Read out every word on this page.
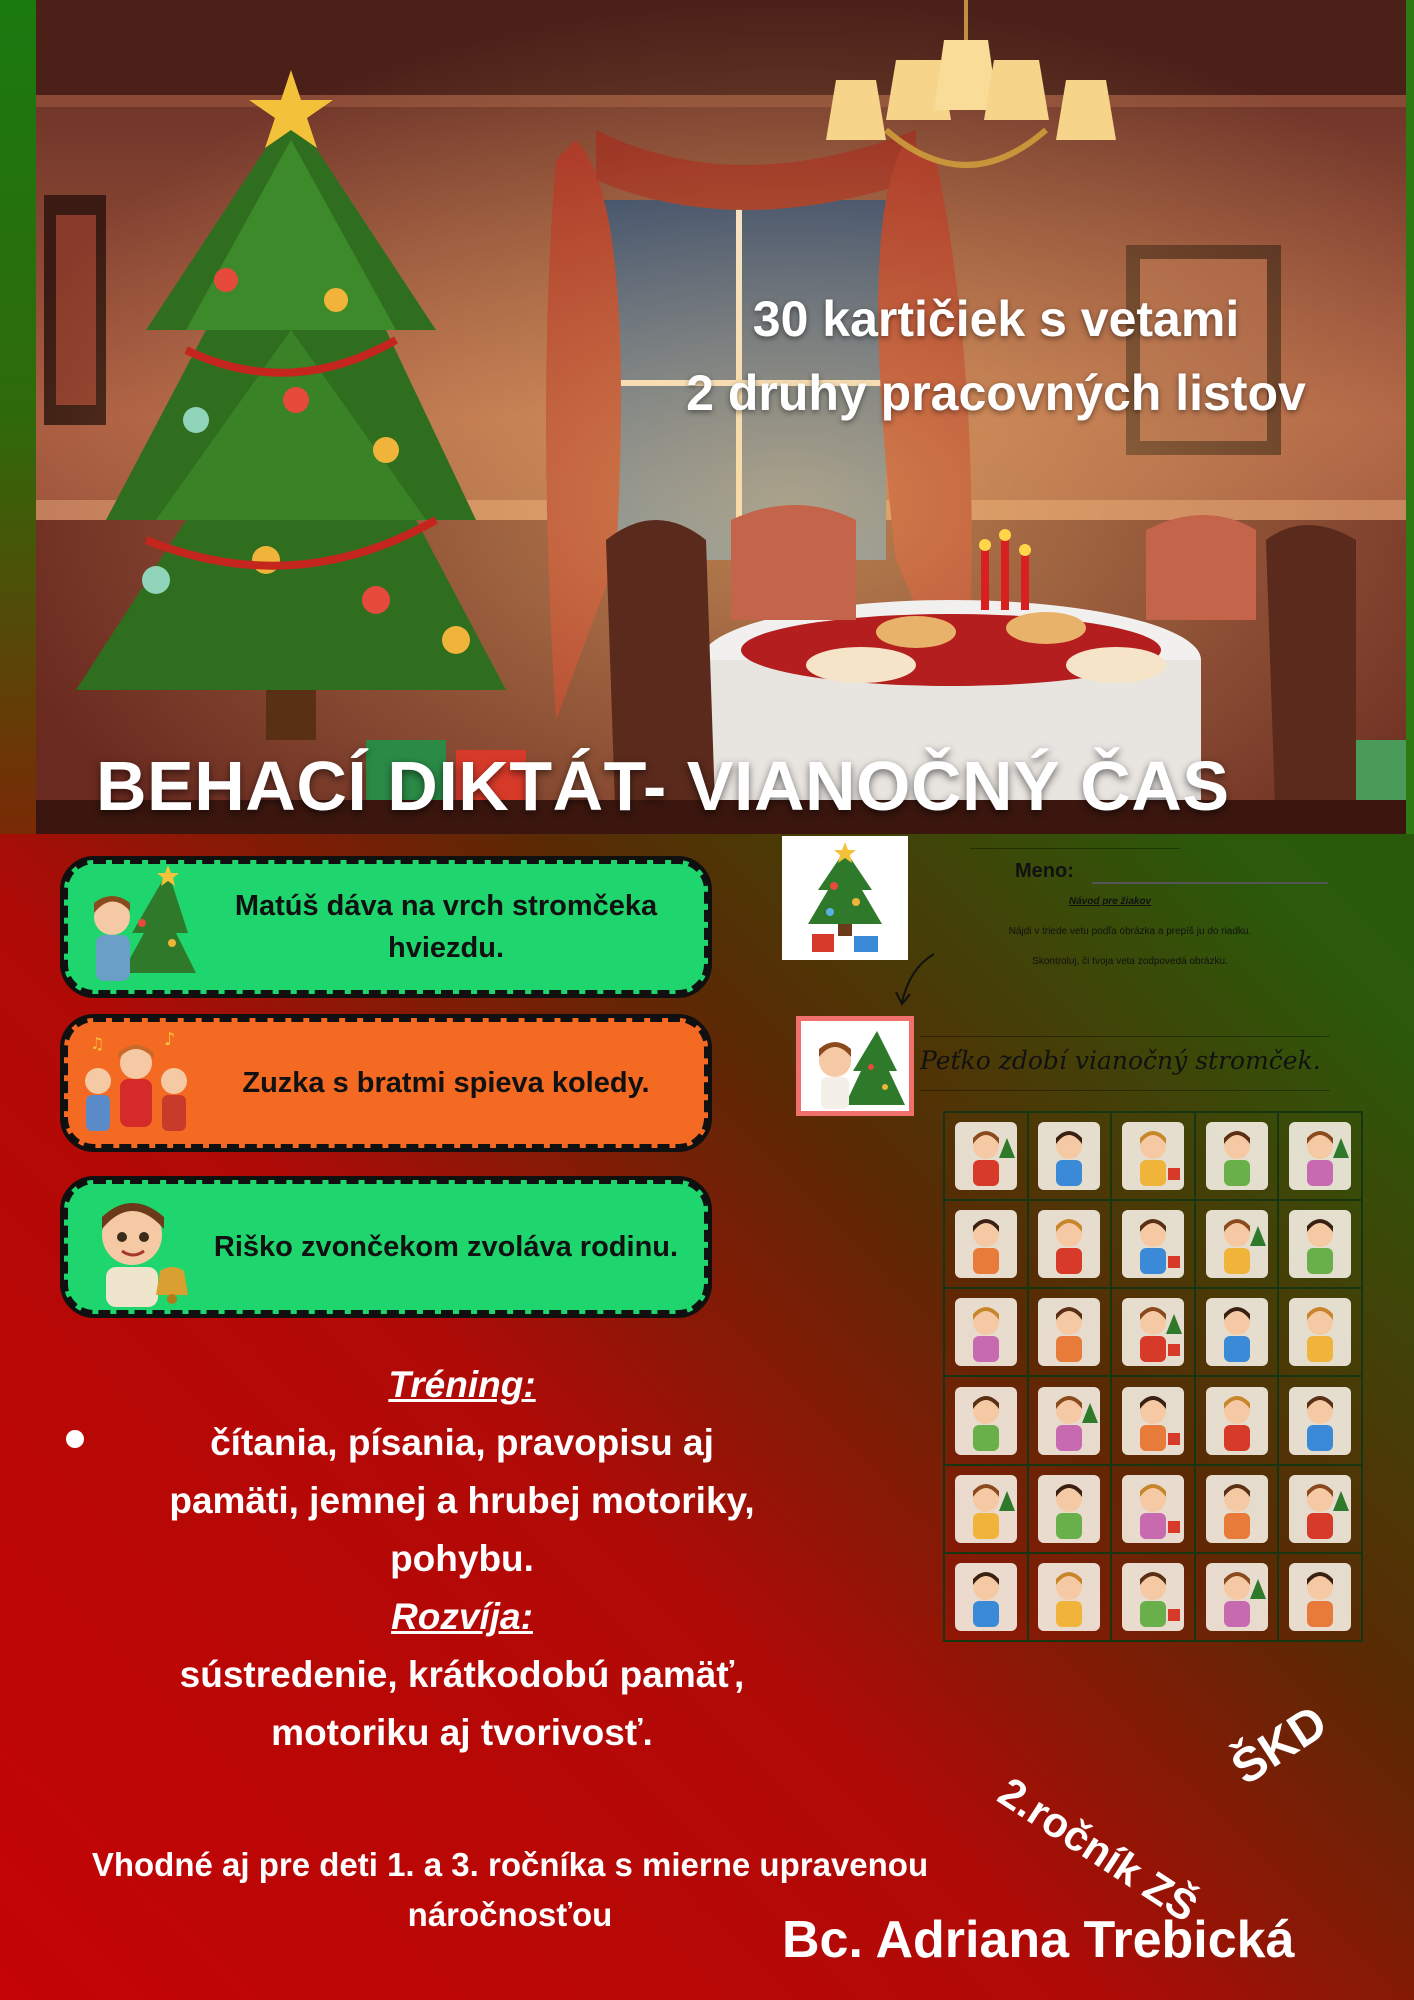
30 kartičiek s vetami
2 druhy pracovných listov
BEHACÍ DIKTÁT- VIANOČNÝ ČAS
Matúš dáva na vrch stromčeka hviezdu.
♪
♫
Zuzka s bratmi spieva koledy.
Riško zvončekom zvoláva rodinu.
Meno:
Návod pre žiakov
Nájdi v triede vetu podľa obrázka a prepíš ju do riadku.
Skontroluj, či tvoja veta zodpovedá obrázku.
Peťko zdobí vianočný stromček.
Tréning:
čítania, písania, pravopisu aj
pamäti, jemnej a hrubej motoriky,
pohybu.
Rozvíja:
sústredenie, krátkodobú pamäť,
motoriku aj tvorivosť.
2.ročník ZŠ
ŠKD
Vhodné aj pre deti 1. a 3. ročníka s mierne upravenou
náročnosťou	Bc. Adriana Trebická
